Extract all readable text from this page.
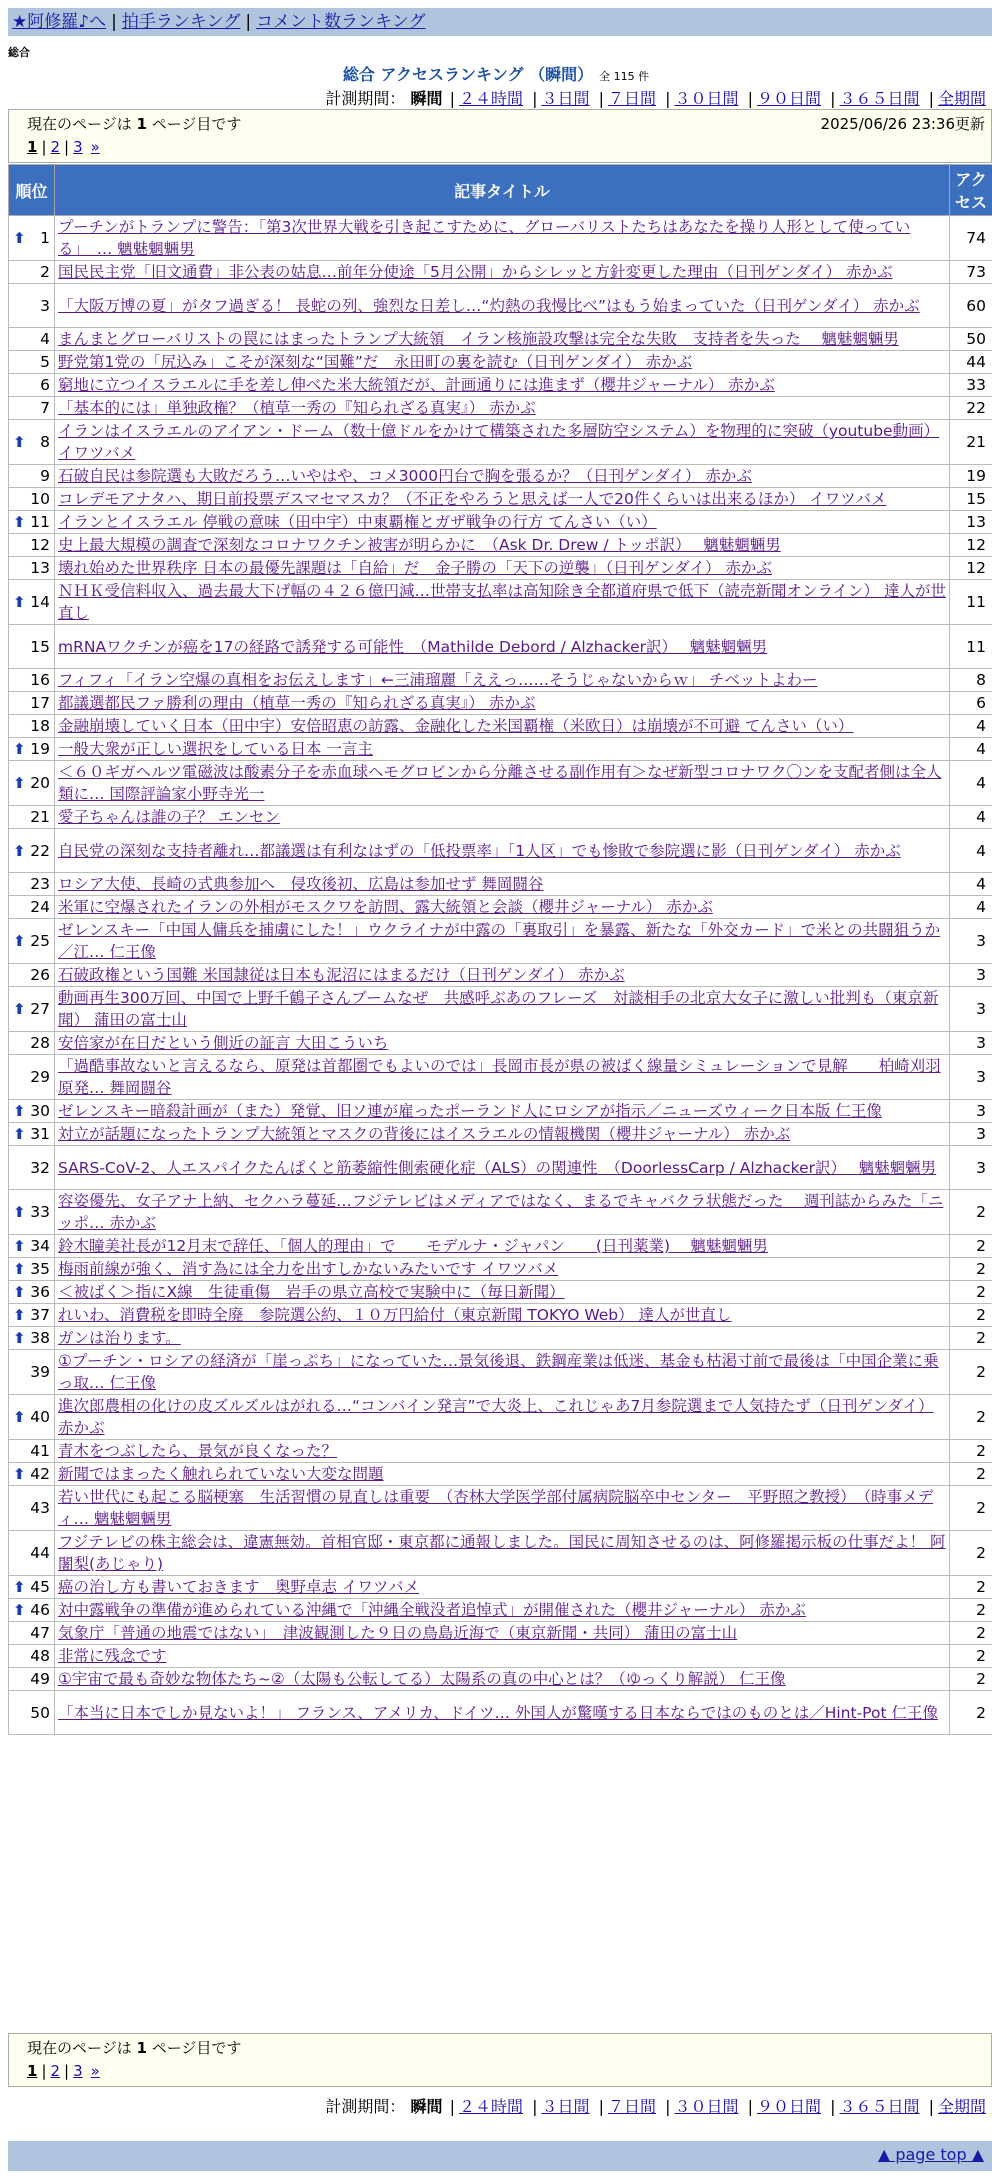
★阿修羅♪へ | 拍手ランキング | コメント数ランキング
総合
総合 アクセスランキング （瞬間） 全 115 件
計測期間： 瞬間 | ２４時間 | ３日間 | ７日間 | ３０日間 | ９０日間 | ３６５日間 | 全期間
現在のページは 1 ページ目です	2025/06/26 23:36更新
1 | 2 | 3 »
順位	記事タイトル	アクセス

⬆ 1	プーチンがトランプに警告：「第3次世界大戦を引き起こすために、グローバリストたちはあなたを操り人形として使っている」　… 魑魅魍魎男	74
2	国民民主党「旧文通費」非公表の姑息…前年分使途「5月公開」からシレッと方針変更した理由（日刊ゲンダイ） 赤かぶ	73
3	「大阪万博の夏」がタフ過ぎる！ 長蛇の列、強烈な日差し…“灼熱の我慢比べ”はもう始まっていた（日刊ゲンダイ） 赤かぶ	60
4	まんまとグローバリストの罠にはまったトランプ大統領　イラン核施設攻撃は完全な失敗　支持者を失った　 魑魅魍魎男	50
5	野党第1党の「尻込み」こそが深刻な“国難”だ　永田町の裏を読む（日刊ゲンダイ） 赤かぶ	44
6	窮地に立つイスラエルに手を差し伸べた米大統領だが、計画通りには進まず（櫻井ジャーナル） 赤かぶ	33
7	「基本的には」単独政権？（植草一秀の『知られざる真実』） 赤かぶ	22

⬆ 8	イランはイスラエルのアイアン・ドーム（数十億ドルをかけて構築された多層防空システム）を物理的に突破（youtube動画） イワツバメ	21
9	石破自民は参院選も大敗だろう…いやはや、コメ3000円台で胸を張るか？（日刊ゲンダイ） 赤かぶ	19
10	コレデモアナタハ、期日前投票デスマセマスカ？（不正をやろうと思えば一人で20件くらいは出来るほか） イワツバメ	15

⬆ 11	イランとイスラエル 停戦の意味（田中宇）中東覇権とガザ戦争の行方 てんさい（い）	13
12	史上最大規模の調査で深刻なコロナワクチン被害が明らかに　（Ask Dr. Drew / トッポ訳）　 魑魅魍魎男	12
13	壊れ始めた世界秩序 日本の最優先課題は「自給」だ　金子勝の「天下の逆襲」（日刊ゲンダイ） 赤かぶ	12

⬆ 14	ＮＨＫ受信料収入、過去最大下げ幅の４２６億円減…世帯支払率は高知除き全都道府県で低下（読売新聞オンライン） 達人が世直し	11
15	mRNAワクチンが癌を17の経路で誘発する可能性　（Mathilde Debord / Alzhacker訳）　 魑魅魍魎男	11
16	フィフィ「イラン空爆の真相をお伝えします」←三浦瑠麗「ええっ……そうじゃないからｗ」 チベットよわー	8
17	都議選都民ファ勝利の理由（植草一秀の『知られざる真実』） 赤かぶ	6
18	金融崩壊していく日本（田中宇）安倍昭恵の訪露、金融化した米国覇権（米欧日）は崩壊が不可避 てんさい（い）	4

⬆ 19	一般大衆が正しい選択をしている日本 一言主	4

⬆ 20	＜６０ギガヘルツ電磁波は酸素分子を赤血球ヘモグロビンから分離させる副作用有＞なぜ新型コロナワク〇ンを支配者側は全人類に… 国際評論家小野寺光一	4
21	愛子ちゃんは誰の子？ エンセン	4

⬆ 22	自民党の深刻な支持者離れ…都議選は有利なはずの「低投票率」「1人区」でも惨敗で参院選に影（日刊ゲンダイ） 赤かぶ	4
23	ロシア大使、長崎の式典参加へ　侵攻後初、広島は参加せず 舞岡闘谷	4
24	米軍に空爆されたイランの外相がモスクワを訪問、露大統領と会談（櫻井ジャーナル） 赤かぶ	4

⬆ 25	ゼレンスキー「中国人傭兵を捕虜にした！」ウクライナが中露の「裏取引」を暴露、新たな「外交カード」で米との共闘狙うか／江… 仁王像	3
26	石破政権という国難 米国隷従は日本も泥沼にはまるだけ（日刊ゲンダイ） 赤かぶ	3

⬆ 27	動画再生300万回、中国で上野千鶴子さんブームなぜ　共感呼ぶあのフレーズ　対談相手の北京大女子に激しい批判も（東京新聞） 蒲田の富士山	3
28	安倍家が在日だという側近の証言 大田こういち	3
29	「過酷事故ないと言えるなら、原発は首都圏でもよいのでは」長岡市長が県の被ばく線量シミュレーションで見解　　柏崎刈羽原発… 舞岡闘谷	3

⬆ 30	ゼレンスキー暗殺計画が（また）発覚、旧ソ連が雇ったポーランド人にロシアが指示／ニューズウィーク日本版 仁王像	3

⬆ 31	対立が話題になったトランプ大統領とマスクの背後にはイスラエルの情報機関（櫻井ジャーナル） 赤かぶ	3
32	SARS-CoV-2、人エスパイクたんぱくと筋萎縮性側索硬化症（ALS）の関連性　（DoorlessCarp / Alzhacker訳）　 魑魅魍魎男	3

⬆ 33	容姿優先、女子アナ上納、セクハラ蔓延…フジテレビはメディアではなく、まるでキャバクラ状態だった　 週刊誌からみた「ニッポ… 赤かぶ	2

⬆ 34	鈴木瞳美社長が12月末で辞任、「個人的理由」で　　モデルナ・ジャパン　　(日刊薬業)　 魑魅魍魎男	2

⬆ 35	梅雨前線が強く、消す為には全力を出すしかないみたいです イワツバメ	2

⬆ 36	＜被ばく＞指にX線　生徒重傷　岩手の県立高校で実験中に（毎日新聞）	2

⬆ 37	れいわ、消費税を即時全廃　参院選公約、１０万円給付（東京新聞 TOKYO Web） 達人が世直し	2

⬆ 38	ガンは治ります。	2
39	①プーチン・ロシアの経済が「崖っぷち」になっていた…景気後退、鉄鋼産業は低迷、基金も枯渇寸前で最後は「中国企業に乗っ取… 仁王像	2

⬆ 40	進次郎農相の化けの皮ズルズルはがれる…“コンバイン発言”で大炎上、これじゃあ7月参院選まで人気持たず（日刊ゲンダイ） 赤かぶ	2
41	青木をつぶしたら、景気が良くなった？	2

⬆ 42	新聞ではまったく触れられていない大変な問題	2
43	若い世代にも起こる脳梗塞　生活習慣の見直しは重要　（杏林大学医学部付属病院脳卒中センター　平野照之教授）　（時事メディ… 魑魅魍魎男	2
44	フジテレビの株主総会は、違憲無効。首相官邸・東京都に通報しました。国民に周知させるのは、阿修羅掲示板の仕事だよ！ 阿闍梨(あじゃり)	2

⬆ 45	癌の治し方も書いておきます　奥野卓志 イワツバメ	2

⬆ 46	対中露戦争の準備が進められている沖縄で「沖縄全戦没者追悼式」が開催された（櫻井ジャーナル） 赤かぶ	2
47	気象庁「普通の地震ではない」　津波観測した９日の鳥島近海で（東京新聞・共同） 蒲田の富士山	2
48	非常に残念です	2
49	①宇宙で最も奇妙な物体たち~②（太陽も公転してる）太陽系の真の中心とは？（ゆっくり解説） 仁王像	2
50	「本当に日本でしか見ないよ！」 フランス、アメリカ、ドイツ… 外国人が驚嘆する日本ならではのものとは／Hint-Pot 仁王像	2
現在のページは 1 ページ目です
1 | 2 | 3 »
計測期間： 瞬間 | ２４時間 | ３日間 | ７日間 | ３０日間 | ９０日間 | ３６５日間 | 全期間
▲ page top ▲
